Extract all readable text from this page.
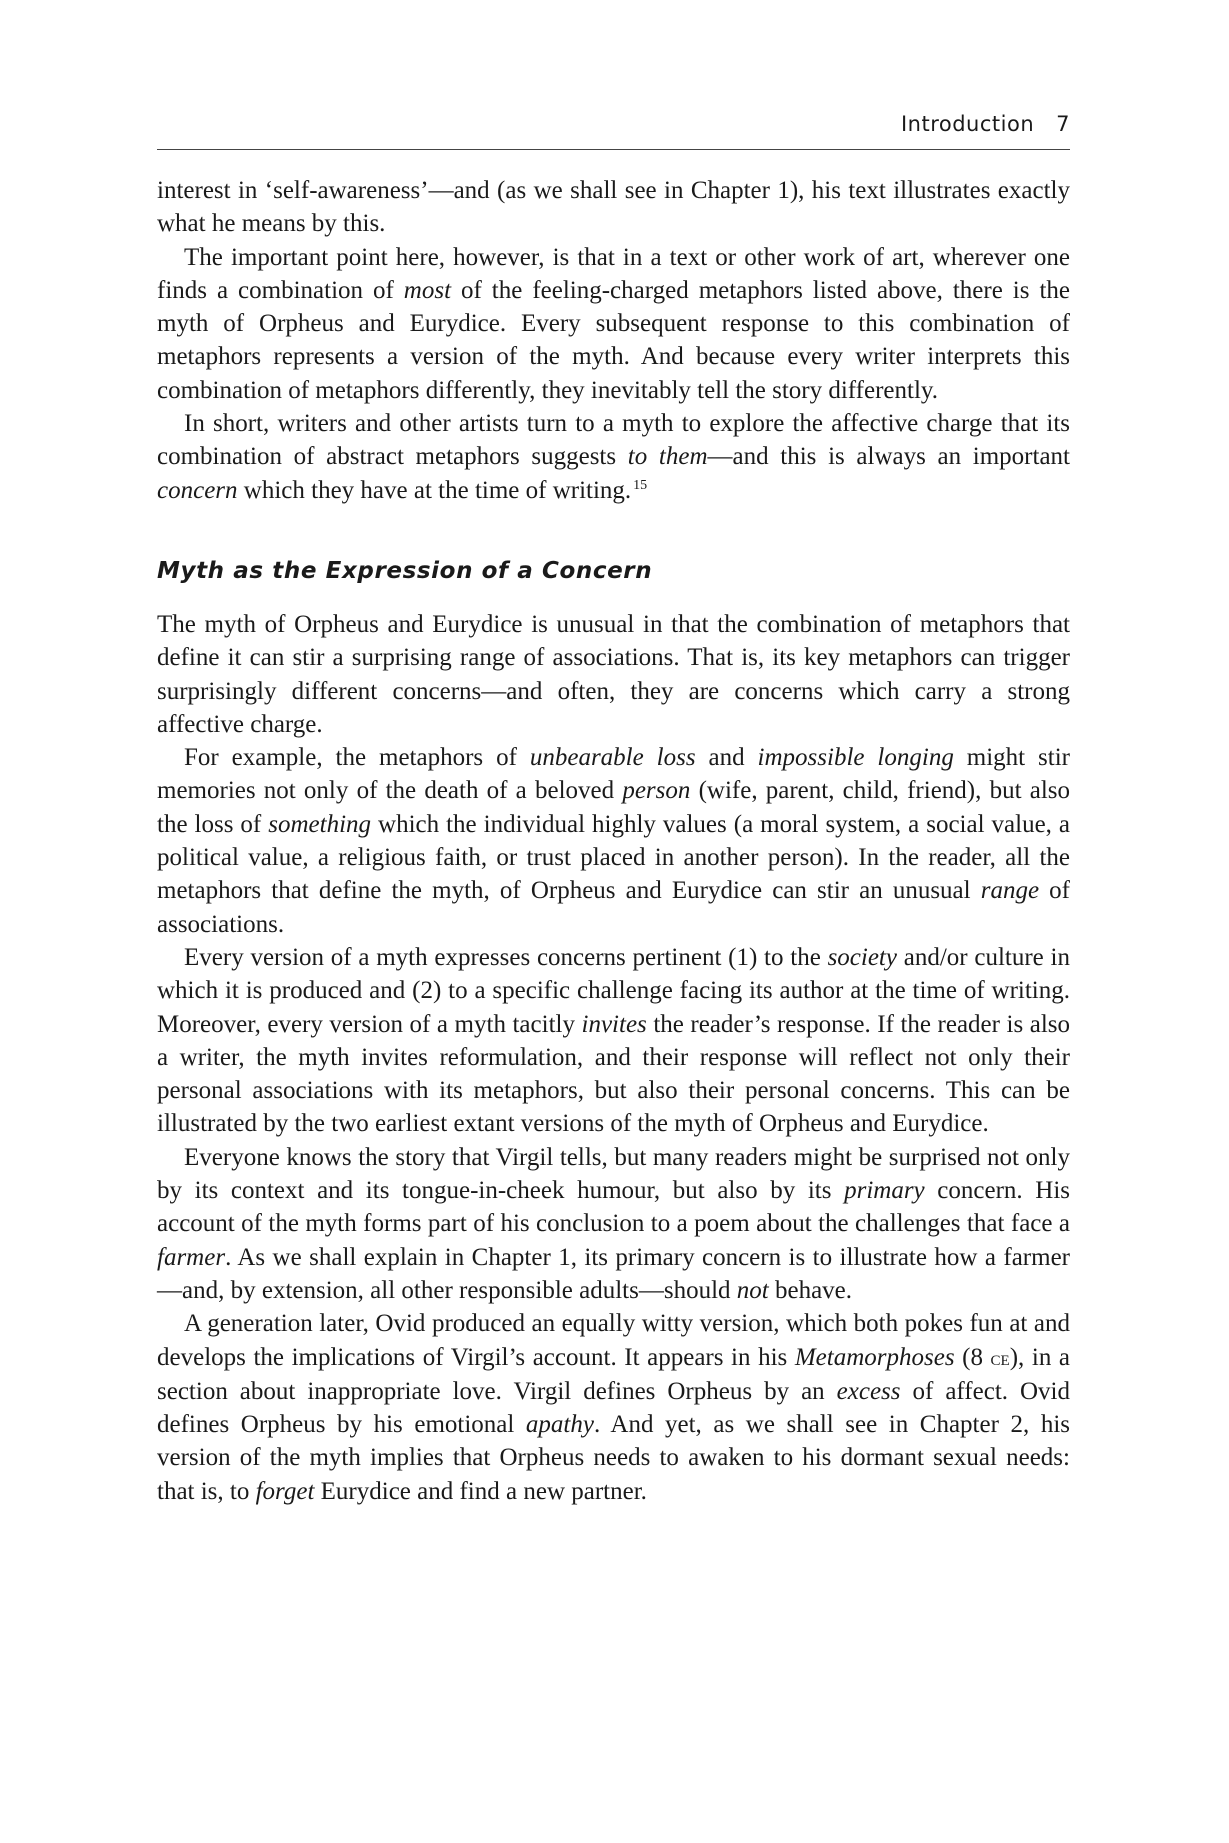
Introduction 7

interest in ‘self-awareness’—and (as we shall see in Chapter 1), his text illustrates exactly what he means by this.

The important point here, however, is that in a text or other work of art, wherever one finds a combination of most of the feeling-charged metaphors listed above, there is the myth of Orpheus and Eurydice. Every subsequent response to this combination of metaphors represents a version of the myth. And because every writer interprets this combination of metaphors differently, they inevitably tell the story differently.

In short, writers and other artists turn to a myth to explore the affective charge that its combination of abstract metaphors suggests to them—and this is always an important concern which they have at the time of writing. $^{15}$

Myth as the Expression of a Concern

The myth of Orpheus and Eurydice is unusual in that the combination of metaphors that define it can stir a surprising range of associations. That is, its key metaphors can trigger surprisingly different concerns—and often, they are concerns which carry a strong affective charge.

For example, the metaphors of unbearable loss and impossible longing might stir memories not only of the death of a beloved person (wife, parent, child, friend), but also the loss of something which the individual highly values (a moral system, a social value, a political value, a religious faith, or trust placed in another person). In the reader, all the metaphors that define the myth, of Orpheus and Eurydice can stir an unusual range of associations.

Every version of a myth expresses concerns pertinent (1) to the society and/or culture in which it is produced and (2) to a specific challenge facing its author at the time of writing. Moreover, every version of a myth tacitly invites the reader’s response. If the reader is also a writer, the myth invites reformulation, and their response will reflect not only their personal associations with its metaphors, but also their personal concerns. This can be illustrated by the two earliest extant versions of the myth of Orpheus and Eurydice.

Everyone knows the story that Virgil tells, but many readers might be surprised not only by its context and its tongue-in-cheek humour, but also by its primary concern. His account of the myth forms part of his conclusion to a poem about the challenges that face a farmer. As we shall explain in Chapter 1, its primary concern is to illustrate how a farmer—and, by extension, all other responsible adults—should not behave.

A generation later, Ovid produced an equally witty version, which both pokes fun at and develops the implications of Virgil’s account. It appears in his Metamorphoses (8 ce), in a section about inappropriate love. Virgil defines Orpheus by an excess of affect. Ovid defines Orpheus by his emotional apathy. And yet, as we shall see in Chapter 2, his version of the myth implies that Orpheus needs to awaken to his dormant sexual needs: that is, to forget Eurydice and find a new partner.
